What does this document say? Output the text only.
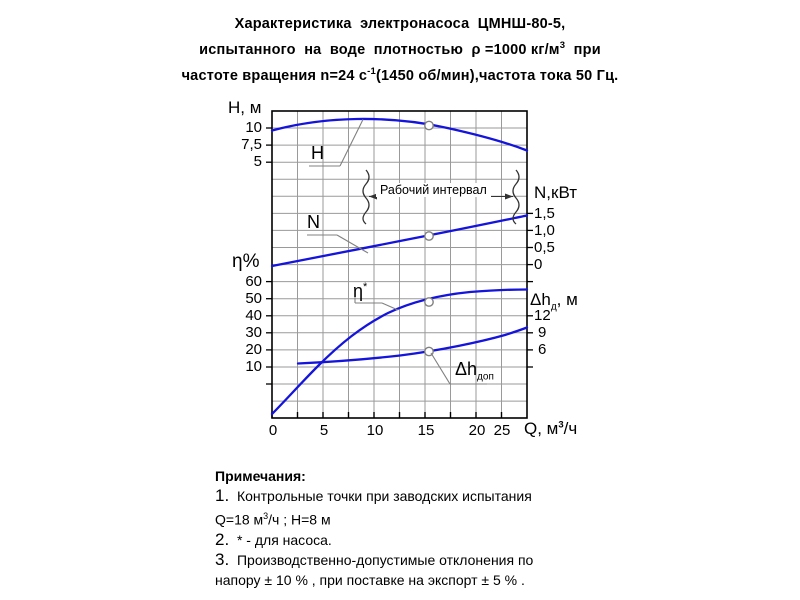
Характеристика  электронасоса  ЦМНШ-80-5,
испытанного  на  воде  плотностью  ρ =1000 $кг/м^3$  при
частоте вращения n=24 $с^{-1}(1450$ об/мин),частота тока 50 Гц.
Рабочий интервал
H
N
η*
$\Delta h_{доп}$
H, м
10
7,5
5
η%
60
50
40
30
20
10
N,кВт
1,5
1,0
0,5
0
$\Delta h_д$, м
12
9
6
0	5	10 15 20 25 Q, $м^3/ч$
Примечания:
1. Контрольные точки при заводских испытания
Q=18 $м^3/ч$ ; H=8 м
2. * - для насоса.
3. Производственно-допустимые отклонения по
напору ± 10 % , при поставке на экспорт ± 5 % .
